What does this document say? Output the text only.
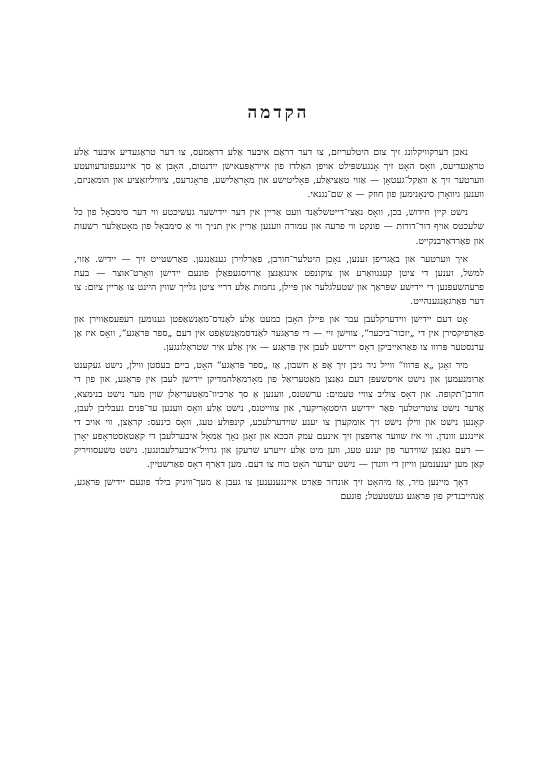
הקדמה

נאכן דערקוויקלונג זיך צום היטלעריזם, צו דער דראַם איבער אַלע דראַמעס, צו דער טראַגעדיע איבער אַלע טראַגעדיעס, וואָס האָט זיך אָנגעשפּילט אויפן האַלדז פון אייראָפּעאישן יידנטום, האָבן אַ סך איינגעפונדעוועטע ווערטער זיך אַ וואַקל־געטאָן — אַזוי טאַציאַלע, פּאָליטישע און מאָראַלישע, פּראָגרעס, ציוויליזאַציע און הומאַניזם, ווענען גיוואָרן סינאָנימען פון חוזק — אַ שם־נגנאי.

נישט קיין חידוש, בכן, וואָס נאַצי־דייטשלאַנד וועט אַריין אין דער יידישער געשיכטע ווי דער סימבאָל פון כל שלעכטס אויף דור־דורות — פונקט ווי פרעה און עמורה ווענען אַריין אין תנ״ך ווי אַ סימבאָל פון מאָטאַלער רשעות און פאַרדאַרבנקייט.

איך ווערטער און באַגריפן זענען, נאָכן היטלער־חורבן, פאַרלוירן גענאַנגען. פאַרשטייט זיך — יידיש. אַזוי, למשל, זענען די ציטן קענגוואַרע און צוקונפט אינגאַנצן אַרויסגעפאַלן פונעם יידישן וואָרט־אוצר — בעת פרעהשעפנען די יידישע שפּראַך און שטעלגלער און פּיילן, נחמות אַלע דריי ציטן גלייך שווין היינט צו אַריין ציום: צו דער פאַרגאַנגענהייט.

אָט דעם יידישן ווידערקלעבן עבר און פיילן האָבן כמעט אַלע לאַנדס־מאַנשאַפטן גענומען רעפּעסאַווירן און פאַרפיקסירן אין די „יזכור־ביכער“, צווישן זיי — די פּראַגער לאַנדסמאַנשאַפט אין דעם „ספר פּראַגע“, וואָס איז אַן ערנסטער פּרווו צו פאַראייביקן דאָס יידישע לעבן אין פּראַגע — אין אַלע איר שטראַלונגען.

מיר זאָגן „אַ פּרווו“ ווייל ניר גיבן זיך אָפּ אַ חשבון, אַז „ספר פּראַגע“ האָט, ביים בעסטן ווילן, נישט געקענט אַרומנעמען און נישט אויסשעפּן דעם גאַנצן מאַטעריאַל פון מאָרמאַלהמדיקן יידישן לעבן אין פּראַגע, און פון די חורבן־תקופה. און דאָס צוליב צוויי טעמים: ערשטנס, ווענען אַ סך אַרכיוו־מאַטעריאַלן שוין מער נישט בנימצא, אַדער נישט צוטריטלעך פאַר יידישע היסטאָריקער, און צווייטנס, נישט אַלע וואָס ווענען עד־פּנים געבליבן לעבן, קאָנען נישט און ווילן נישט זיך אומקערן צו יענע שוידערלעכע, קינפּולע טעג, וואָס כינעס: קראַצן, ווי אויב די איינגנע ווונדן. ווי איז שווער אַרופּצון זיך אינעם עמק הבכא און זאָגן נאָך אַמאָל איבערלעבן די קאַטאַסטראָפע יאָרן — דעם גאַנצן שווידער פון יענע טעג, ווען מיט אַלע זייערע שרעקן און גרויל־איבערלעבונגען. נישט טשעסוויריק קאַן מען יענענמען ווייזן די ווונדן — נישט יעדער האָט כוח צו דעם. מען דאַרף דאָס פאַרשטיין.

דאָך מיינען מיר, אַז מיהאָט זיך אונדזר פּאַרט איינגענענען צו געבן אַ מעך־וויניק בילד פונעם יידישן פּראַגע, אַנהייבנדיק פון פּראַגע געשטעטל; פונעם
